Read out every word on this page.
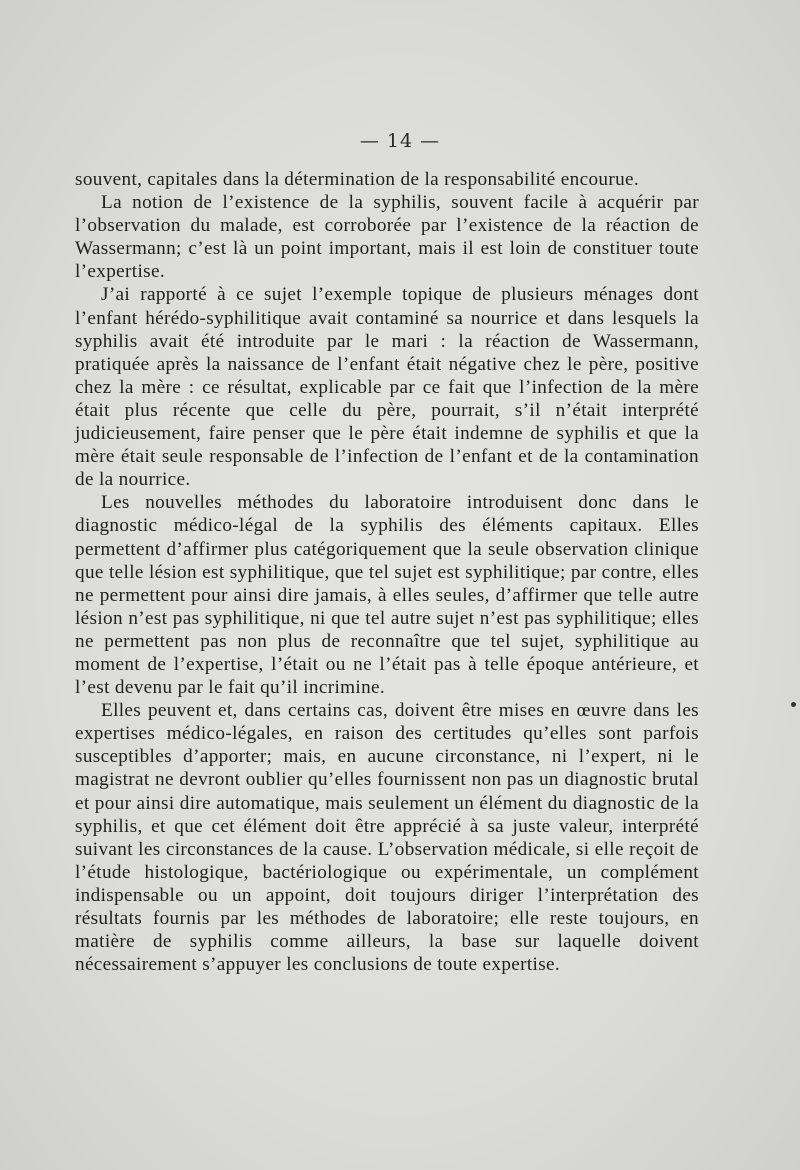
— 14 —

souvent, capitales dans la détermination de la responsabilité encourue.

La notion de l’existence de la syphilis, souvent facile à acquérir par l’observation du malade, est corroborée par l’existence de la réaction de Wassermann; c’est là un point important, mais il est loin de constituer toute l’expertise.

J’ai rapporté à ce sujet l’exemple topique de plusieurs ménages dont l’enfant hérédo-syphilitique avait contaminé sa nourrice et dans lesquels la syphilis avait été introduite par le mari : la réaction de Wassermann, pratiquée après la naissance de l’enfant était négative chez le père, positive chez la mère : ce résultat, explicable par ce fait que l’infection de la mère était plus récente que celle du père, pourrait, s’il n’était interprété judicieusement, faire penser que le père était indemne de syphilis et que la mère était seule responsable de l’infection de l’enfant et de la contamination de la nourrice.

Les nouvelles méthodes du laboratoire introduisent donc dans le diagnostic médico-légal de la syphilis des éléments capitaux. Elles permettent d’affirmer plus catégoriquement que la seule observation clinique que telle lésion est syphilitique, que tel sujet est syphilitique; par contre, elles ne permettent pour ainsi dire jamais, à elles seules, d’affirmer que telle autre lésion n’est pas syphilitique, ni que tel autre sujet n’est pas syphilitique; elles ne permettent pas non plus de reconnaître que tel sujet, syphilitique au moment de l’expertise, l’était ou ne l’était pas à telle époque antérieure, et l’est devenu par le fait qu’il incrimine.

Elles peuvent et, dans certains cas, doivent être mises en œuvre dans les expertises médico-légales, en raison des certitudes qu’elles sont parfois susceptibles d’apporter; mais, en aucune circonstance, ni l’expert, ni le magistrat ne devront oublier qu’elles fournissent non pas un diagnostic brutal et pour ainsi dire automatique, mais seulement un élément du diagnostic de la syphilis, et que cet élément doit être apprécié à sa juste valeur, interprété suivant les circonstances de la cause. L’observation médicale, si elle reçoit de l’étude histologique, bactériologique ou expérimentale, un complément indispensable ou un appoint, doit toujours diriger l’interprétation des résultats fournis par les méthodes de laboratoire; elle reste toujours, en matière de syphilis comme ailleurs, la base sur laquelle doivent nécessairement s’appuyer les conclusions de toute expertise.
